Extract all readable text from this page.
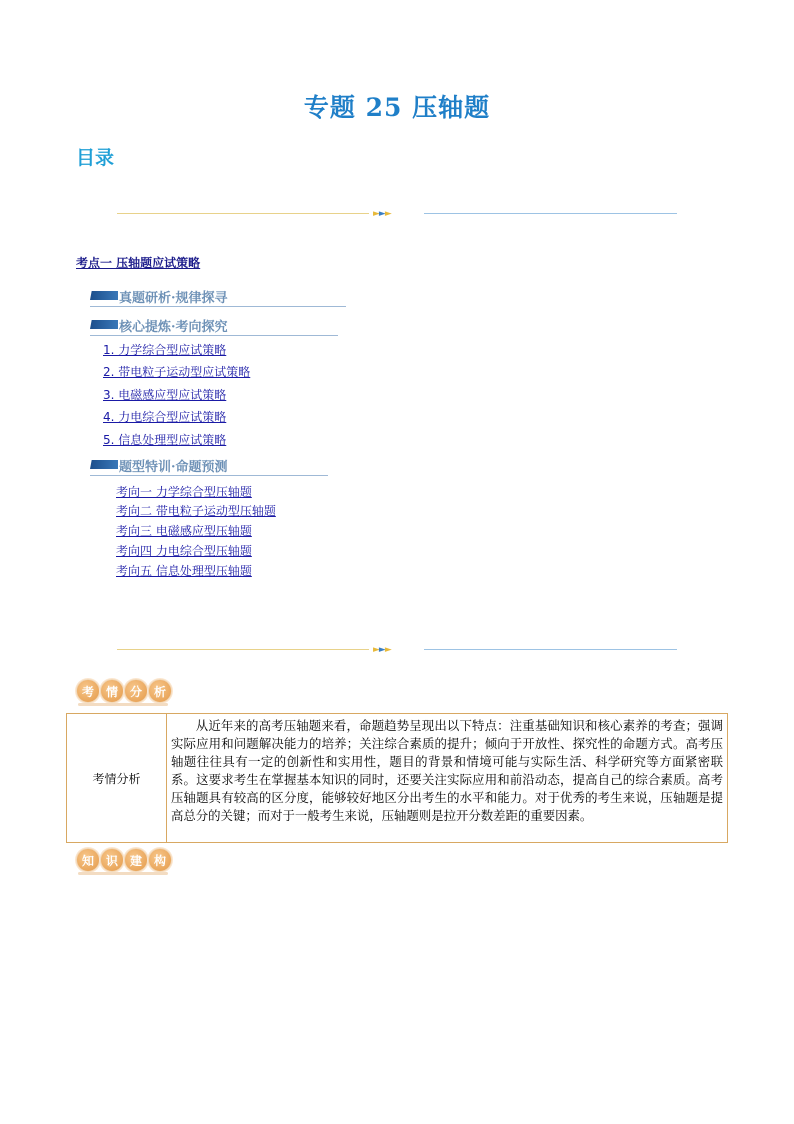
专题 25 压轴题
目录
►►►
考点一 压轴题应试策略
真题研析·规律探寻
核心提炼·考向探究
1. 力学综合型应试策略
2. 带电粒子运动型应试策略
3. 电磁感应型应试策略
4. 力电综合型应试策略
5. 信息处理型应试策略
题型特训·命题预测
考向一 力学综合型压轴题
考向二 带电粒子运动型压轴题
考向三 电磁感应型压轴题
考向四 力电综合型压轴题
考向五 信息处理型压轴题
►►►
考 情 分 析
考情分析
从近年来的高考压轴题来看，命题趋势呈现出以下特点：注重基础知识和核心素养的考查；强调实际应用和问题解决能力的培养；关注综合素质的提升；倾向于开放性、探究性的命题方式。高考压轴题往往具有一定的创新性和实用性，题目的背景和情境可能与实际生活、科学研究等方面紧密联系。这要求考生在掌握基本知识的同时，还要关注实际应用和前沿动态，提高自己的综合素质。高考压轴题具有较高的区分度，能够较好地区分出考生的水平和能力。对于优秀的考生来说，压轴题是提高总分的关键；而对于一般考生来说，压轴题则是拉开分数差距的重要因素。
知 识 建 构
